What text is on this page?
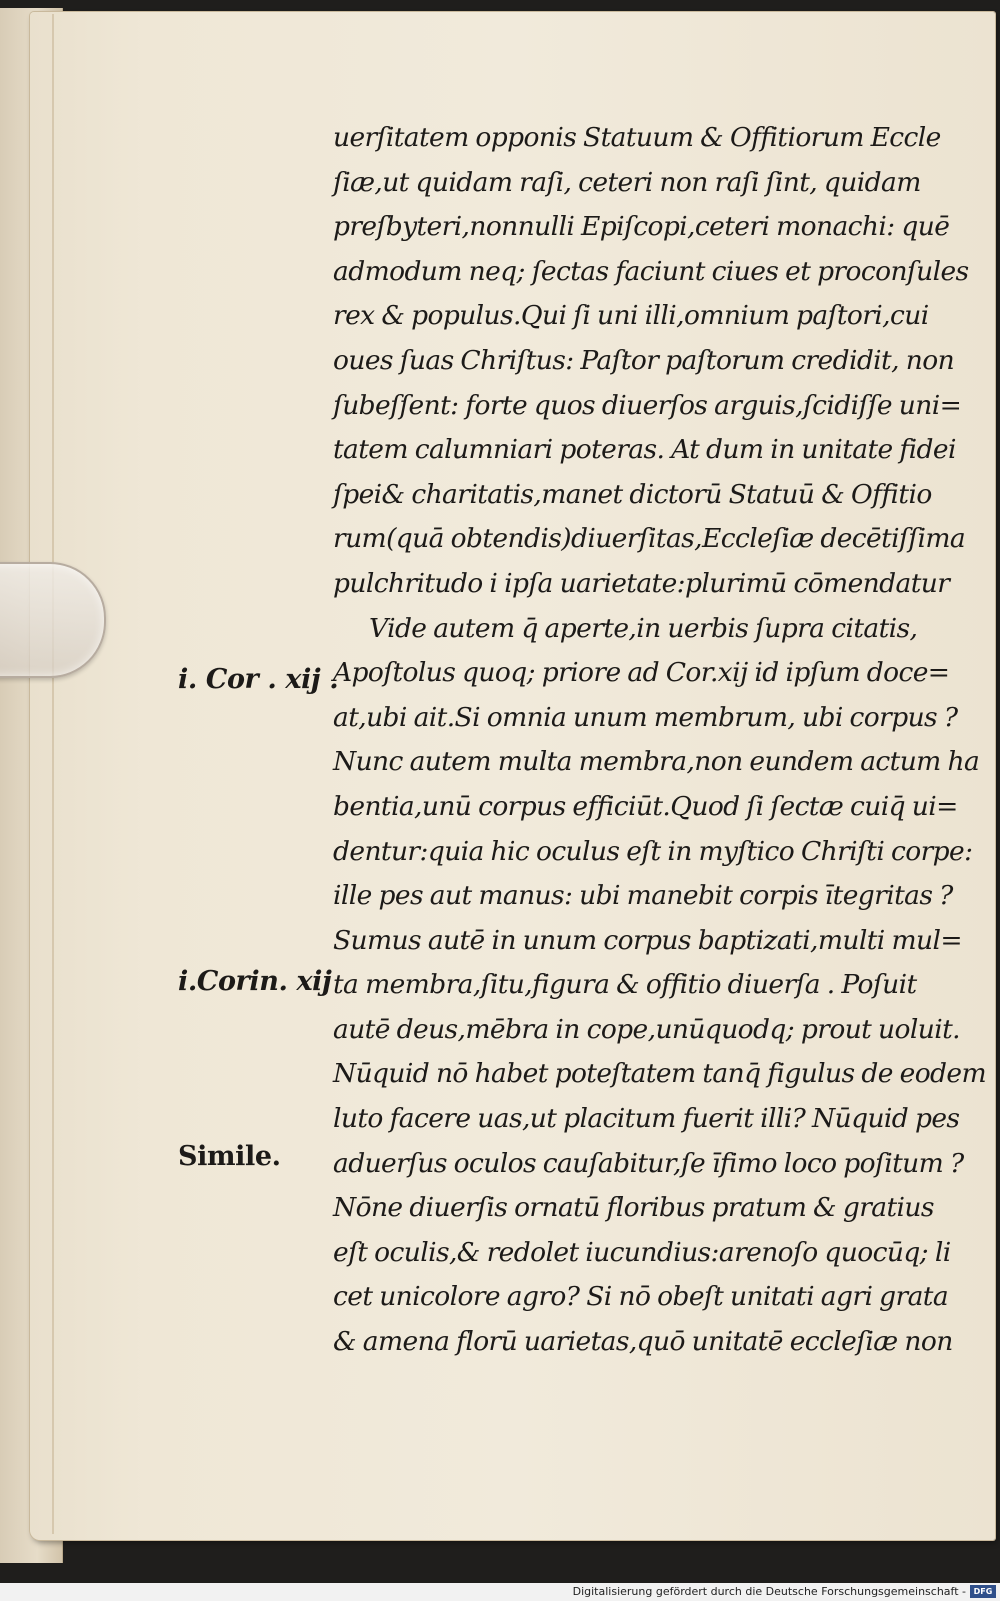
uerſitatem opponis Statuum & Offitiorum Eccle
ſiæ,ut quidam raſi, ceteri non raſi ſint, quidam
preſbyteri,nonnulli Epiſcopi,ceteri monachi: quē
admodum neq; ſectas faciunt ciues et proconſules
rex & populus.Qui ſi uni illi,omnium paſtori,cui
oues ſuas Chriſtus: Paſtor paſtorum credidit, non
ſubeſſent: forte quos diuerſos arguis,ſcidiſſe uni=
tatem calumniari poteras. At dum in unitate fidei
ſpei& charitatis,manet dictorū Statuū & Offitio
rum(quā obtendis)diuerſitas,Eccleſiæ decētiſſima
pulchritudo i ipſa uarietate:plurimū cōmendatur
Vide autem q̄ aperte,in uerbis ſupra citatis,
Apoſtolus quoq; priore ad Cor.xij id ipſum doce=
at,ubi ait.Si omnia unum membrum, ubi corpus ?
Nunc autem multa membra,non eundem actum ha
bentia,unū corpus efficiūt.Quod ſi ſectæ cuiq̄ ui=
dentur:quia hic oculus eſt in myſtico Chriſti corpe:
ille pes aut manus: ubi manebit corpis ītegritas ?
Sumus autē in unum corpus baptizati,multi mul=
ta membra,ſitu,figura & offitio diuerſa . Poſuit
autē deus,mēbra in cope,unūquodq; prout uoluit.
Nūquid nō habet poteſtatem tanq̄ figulus de eodem
luto facere uas,ut placitum fuerit illi? Nūquid pes
aduerſus oculos cauſabitur,ſe īfimo loco poſitum ?
Nōne diuerſis ornatū floribus pratum & gratius
eſt oculis,& redolet iucundius:arenoſo quocūq; li
cet unicolore agro? Si nō obeſt unitati agri grata
& amena florū uarietas,quō unitatē eccleſiæ non
i. Cor . xij .
i.Corin. xij
Simile.
Digitalisierung gefördert durch die Deutsche Forschungsgemeinschaft - DFG
